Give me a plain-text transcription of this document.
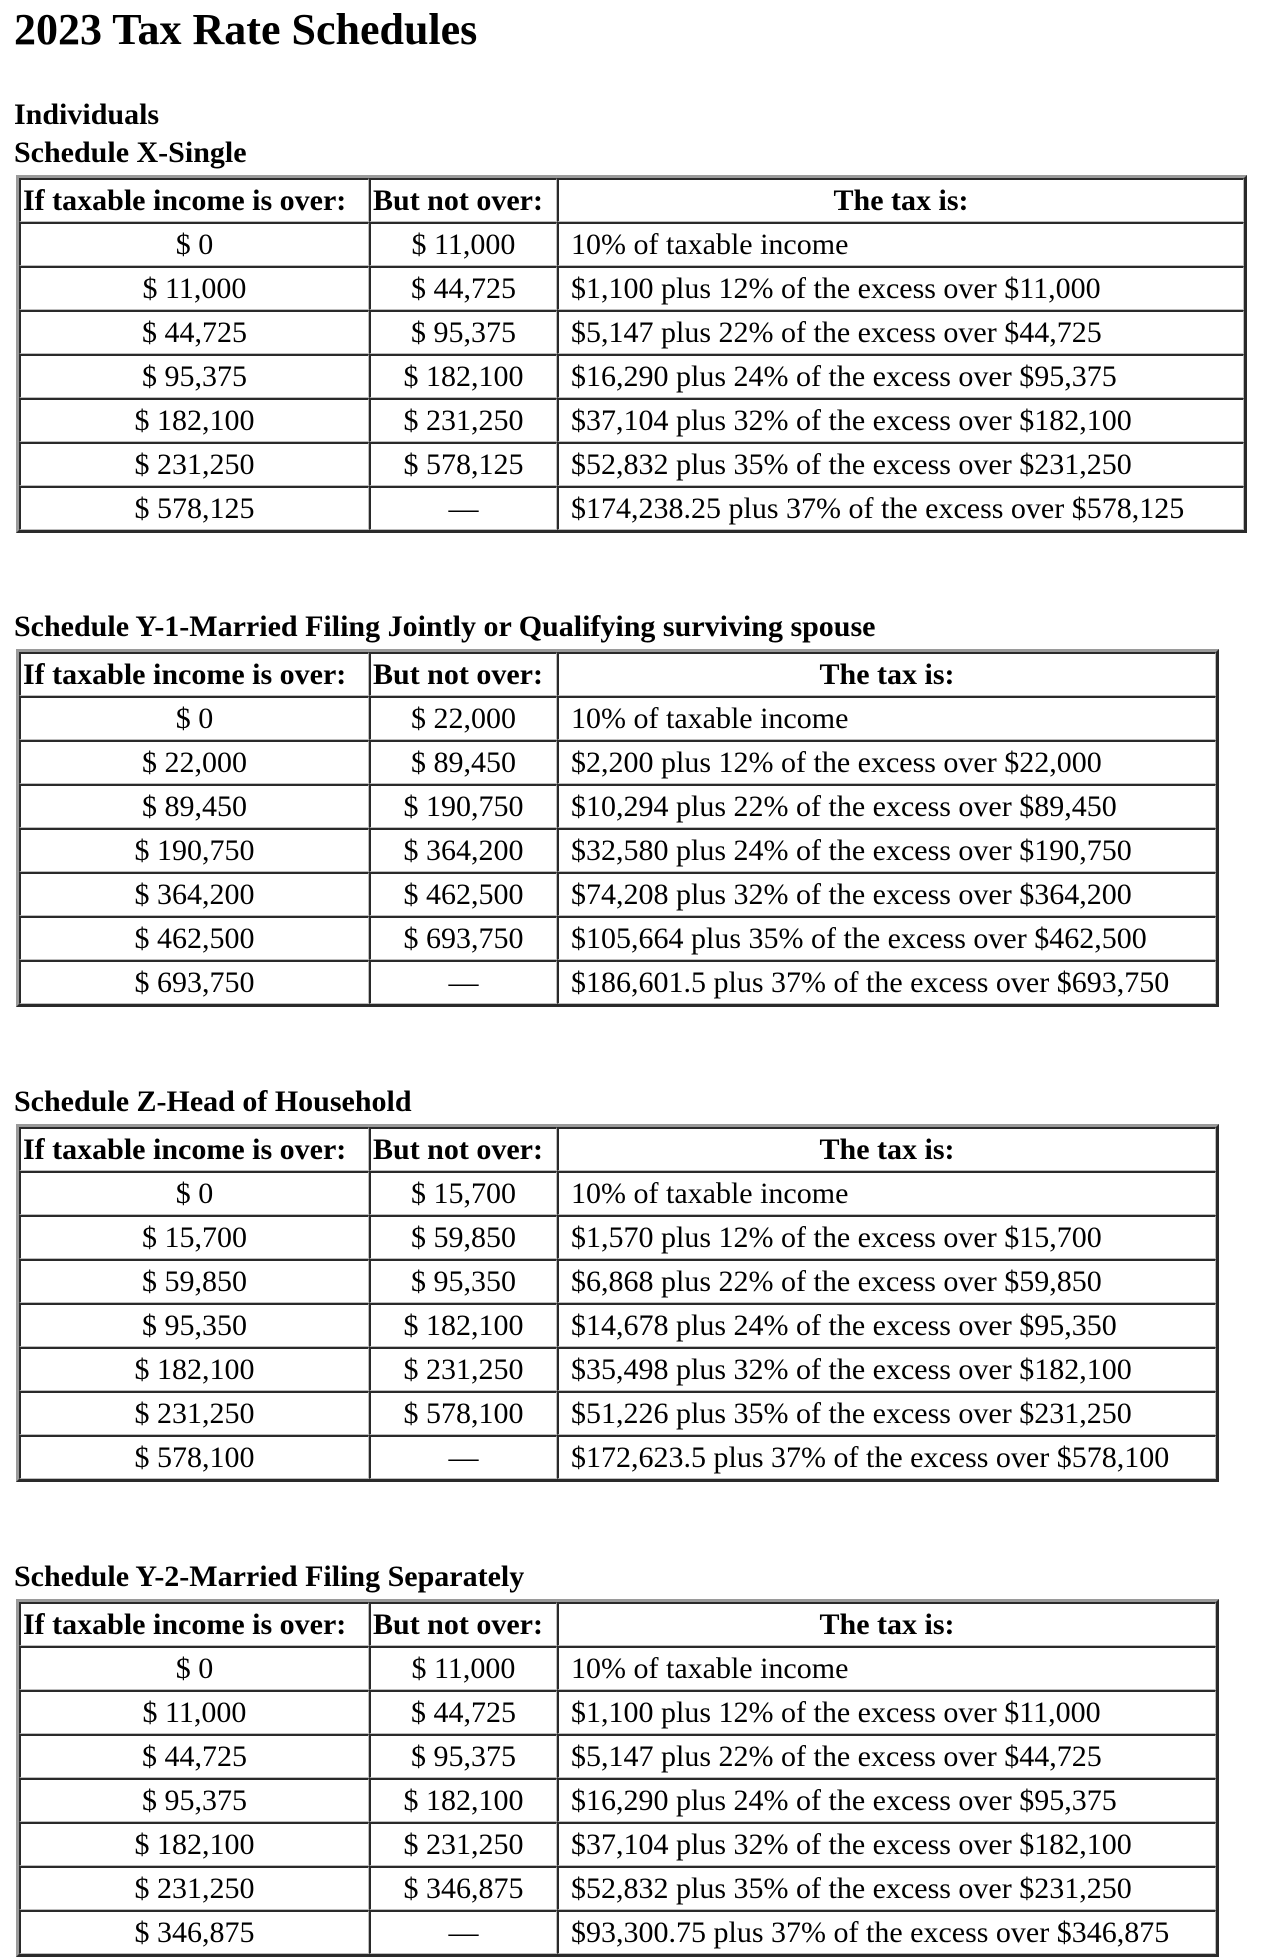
2023 Tax Rate Schedules
Individuals
Schedule X-Single
If taxable income is over:	But not over:	The tax is:
$ 0	$ 11,000	10% of taxable income
$ 11,000	$ 44,725	$1,100 plus 12% of the excess over $11,000
$ 44,725	$ 95,375	$5,147 plus 22% of the excess over $44,725
$ 95,375	$ 182,100	$16,290 plus 24% of the excess over $95,375
$ 182,100	$ 231,250	$37,104 plus 32% of the excess over $182,100
$ 231,250	$ 578,125	$52,832 plus 35% of the excess over $231,250
$ 578,125	—	$174,238.25 plus 37% of the excess over $578,125
Schedule Y-1-Married Filing Jointly or Qualifying surviving spouse
If taxable income is over:	But not over:	The tax is:
$ 0	$ 22,000	10% of taxable income
$ 22,000	$ 89,450	$2,200 plus 12% of the excess over $22,000
$ 89,450	$ 190,750	$10,294 plus 22% of the excess over $89,450
$ 190,750	$ 364,200	$32,580 plus 24% of the excess over $190,750
$ 364,200	$ 462,500	$74,208 plus 32% of the excess over $364,200
$ 462,500	$ 693,750	$105,664 plus 35% of the excess over $462,500
$ 693,750	—	$186,601.5 plus 37% of the excess over $693,750
Schedule Z-Head of Household
If taxable income is over:	But not over:	The tax is:
$ 0	$ 15,700	10% of taxable income
$ 15,700	$ 59,850	$1,570 plus 12% of the excess over $15,700
$ 59,850	$ 95,350	$6,868 plus 22% of the excess over $59,850
$ 95,350	$ 182,100	$14,678 plus 24% of the excess over $95,350
$ 182,100	$ 231,250	$35,498 plus 32% of the excess over $182,100
$ 231,250	$ 578,100	$51,226 plus 35% of the excess over $231,250
$ 578,100	—	$172,623.5 plus 37% of the excess over $578,100
Schedule Y-2-Married Filing Separately
If taxable income is over:	But not over:	The tax is:
$ 0	$ 11,000	10% of taxable income
$ 11,000	$ 44,725	$1,100 plus 12% of the excess over $11,000
$ 44,725	$ 95,375	$5,147 plus 22% of the excess over $44,725
$ 95,375	$ 182,100	$16,290 plus 24% of the excess over $95,375
$ 182,100	$ 231,250	$37,104 plus 32% of the excess over $182,100
$ 231,250	$ 346,875	$52,832 plus 35% of the excess over $231,250
$ 346,875	—	$93,300.75 plus 37% of the excess over $346,875
